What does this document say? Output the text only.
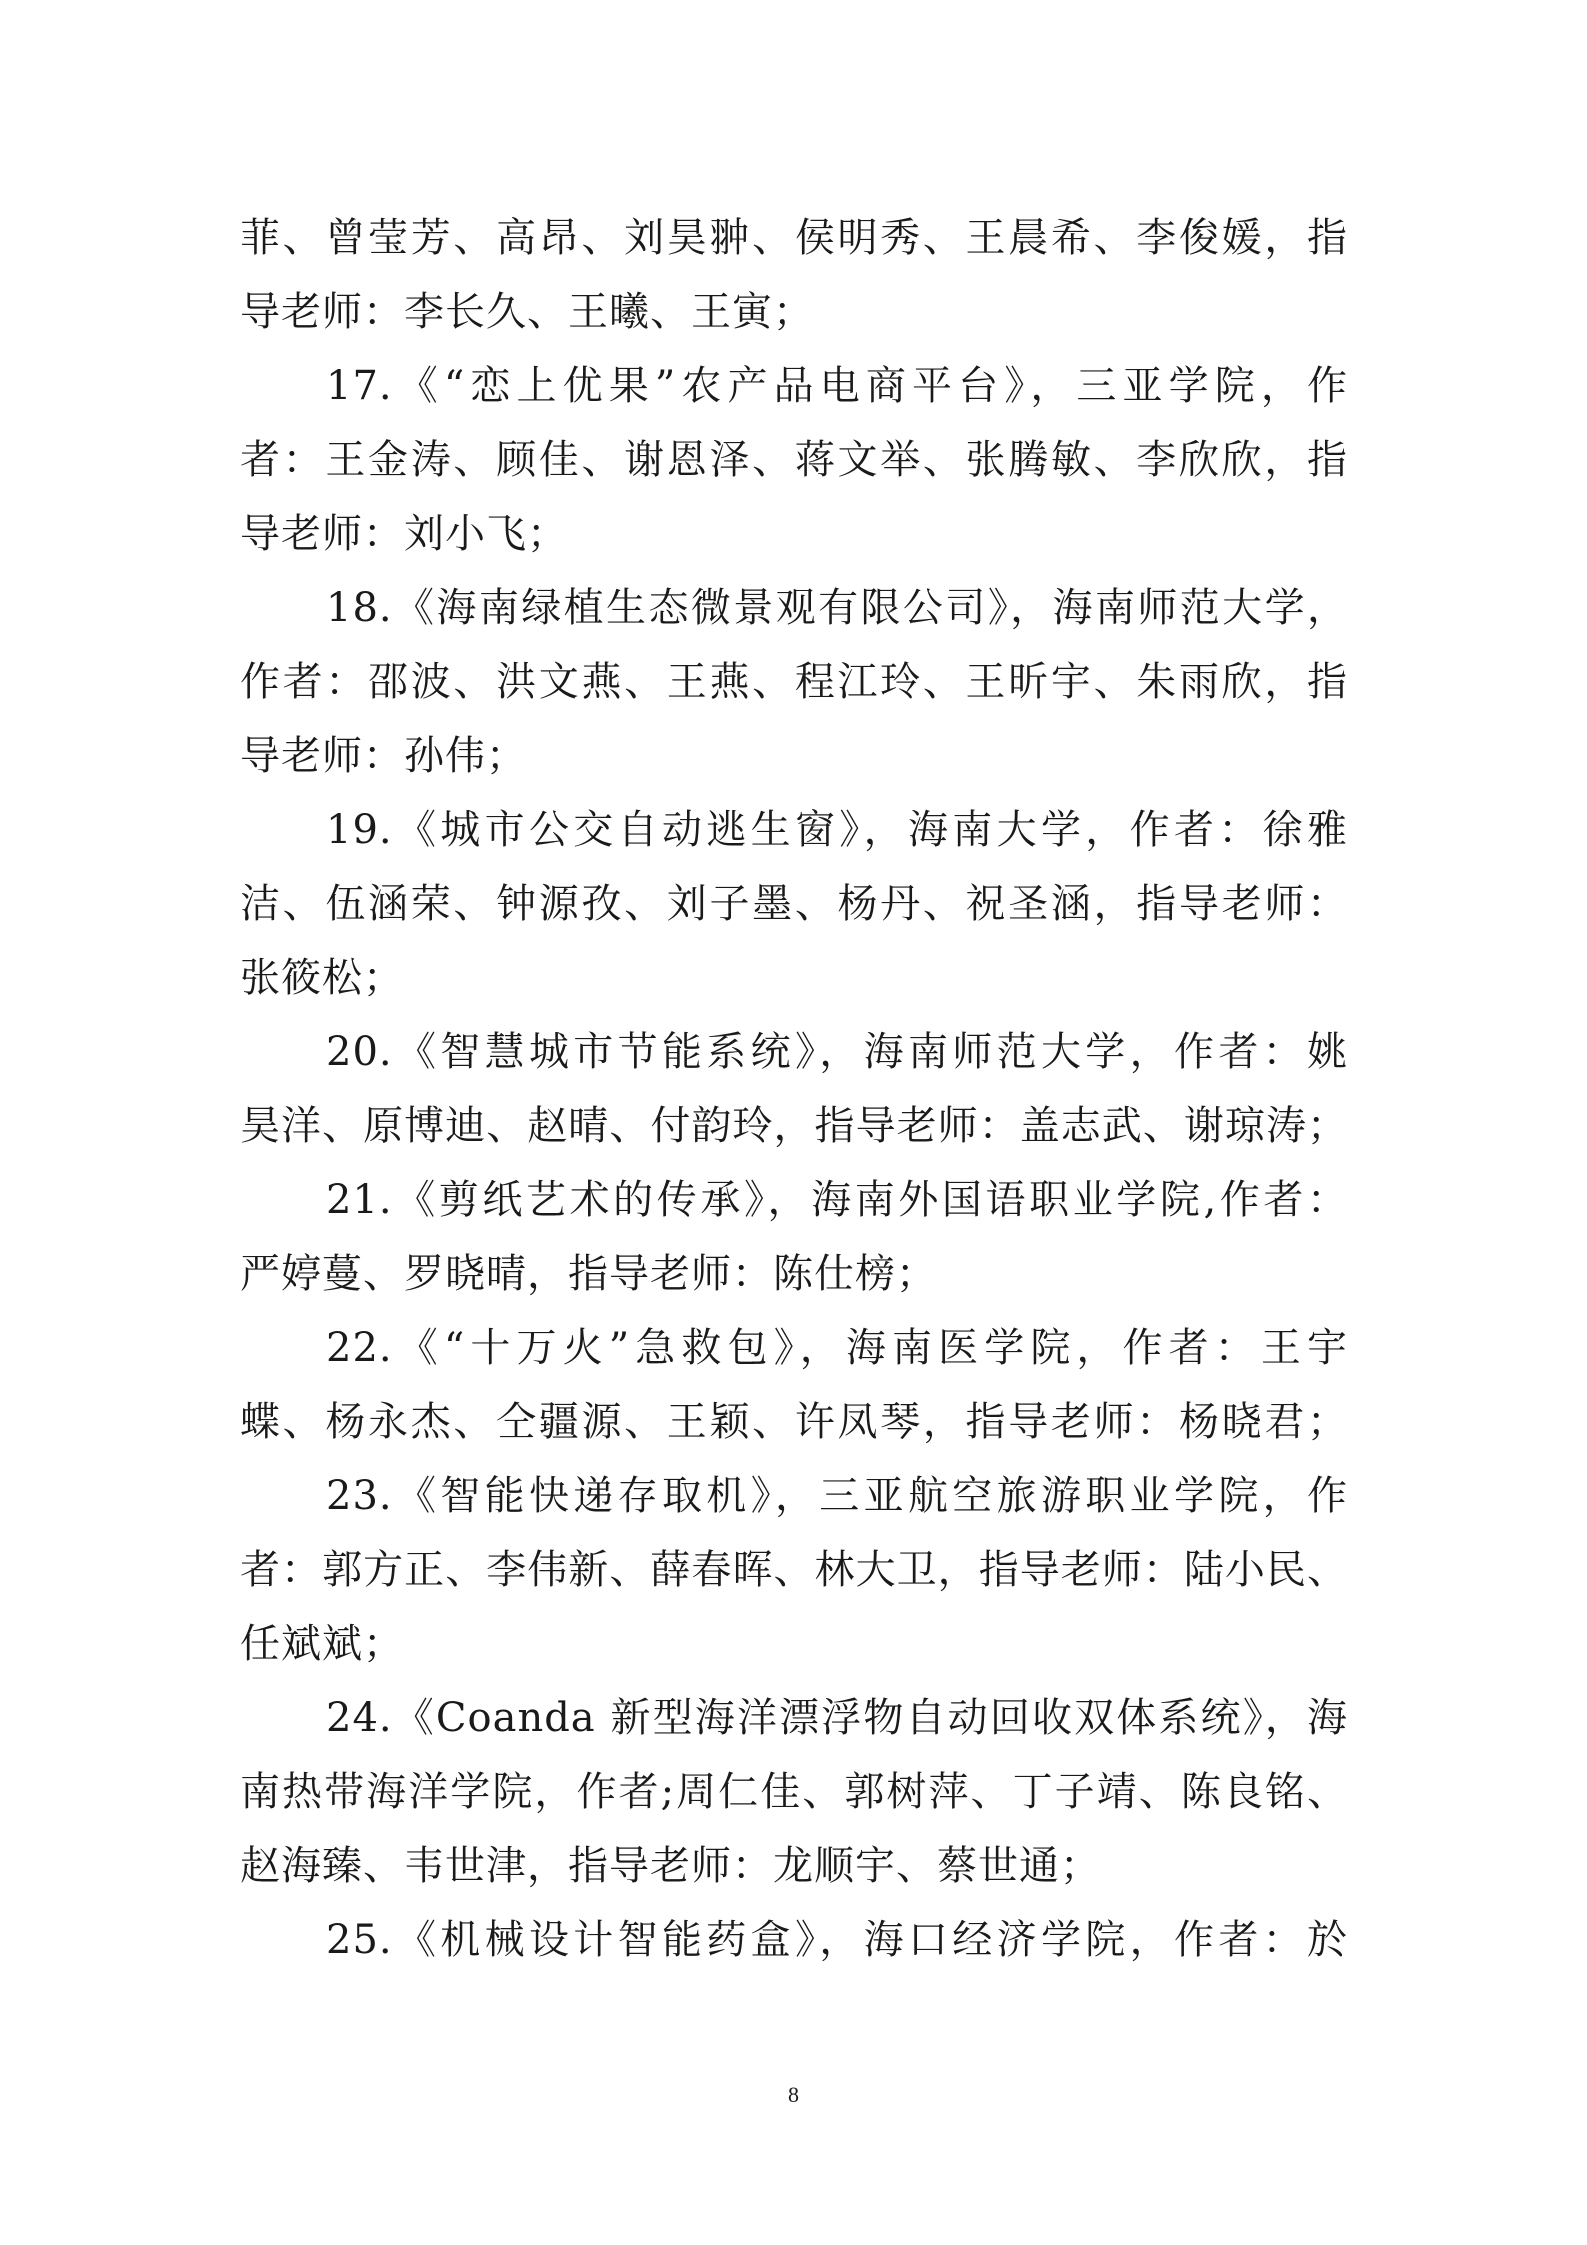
菲、曾莹芳、高昂、刘昊翀、侯明秀、王晨希、李俊媛，指
导老师：李长久、王曦、王寅；
17.《“恋上优果”农产品电商平台》，三亚学院，作
者：王金涛、顾佳、谢恩泽、蒋文举、张腾敏、李欣欣，指
导老师：刘小飞；
18.《海南绿植生态微景观有限公司》，海南师范大学，
作者：邵波、洪文燕、王燕、程江玲、王昕宇、朱雨欣，指
导老师：孙伟；
19.《城市公交自动逃生窗》，海南大学，作者：徐雅
洁、伍涵荣、钟源孜、刘子墨、杨丹、祝圣涵，指导老师：
张筱松；
20.《智慧城市节能系统》，海南师范大学，作者：姚
昊洋、原博迪、赵晴、付韵玲，指导老师：盖志武、谢琼涛；
21.《剪纸艺术的传承》，海南外国语职业学院,作者：
严婷蔓、罗晓晴，指导老师：陈仕榜；
22.《“十万火”急救包》，海南医学院，作者：王宇
蝶、杨永杰、仝疆源、王颖、许凤琴，指导老师：杨晓君；
23.《智能快递存取机》，三亚航空旅游职业学院，作
者：郭方正、李伟新、薛春晖、林大卫，指导老师：陆小民、
任斌斌；
24.《Coanda 新型海洋漂浮物自动回收双体系统》，海
南热带海洋学院，作者;周仁佳、郭树萍、丁子靖、陈良铭、
赵海臻、韦世津，指导老师：龙顺宇、蔡世通；
25.《机械设计智能药盒》，海口经济学院，作者：於
8
